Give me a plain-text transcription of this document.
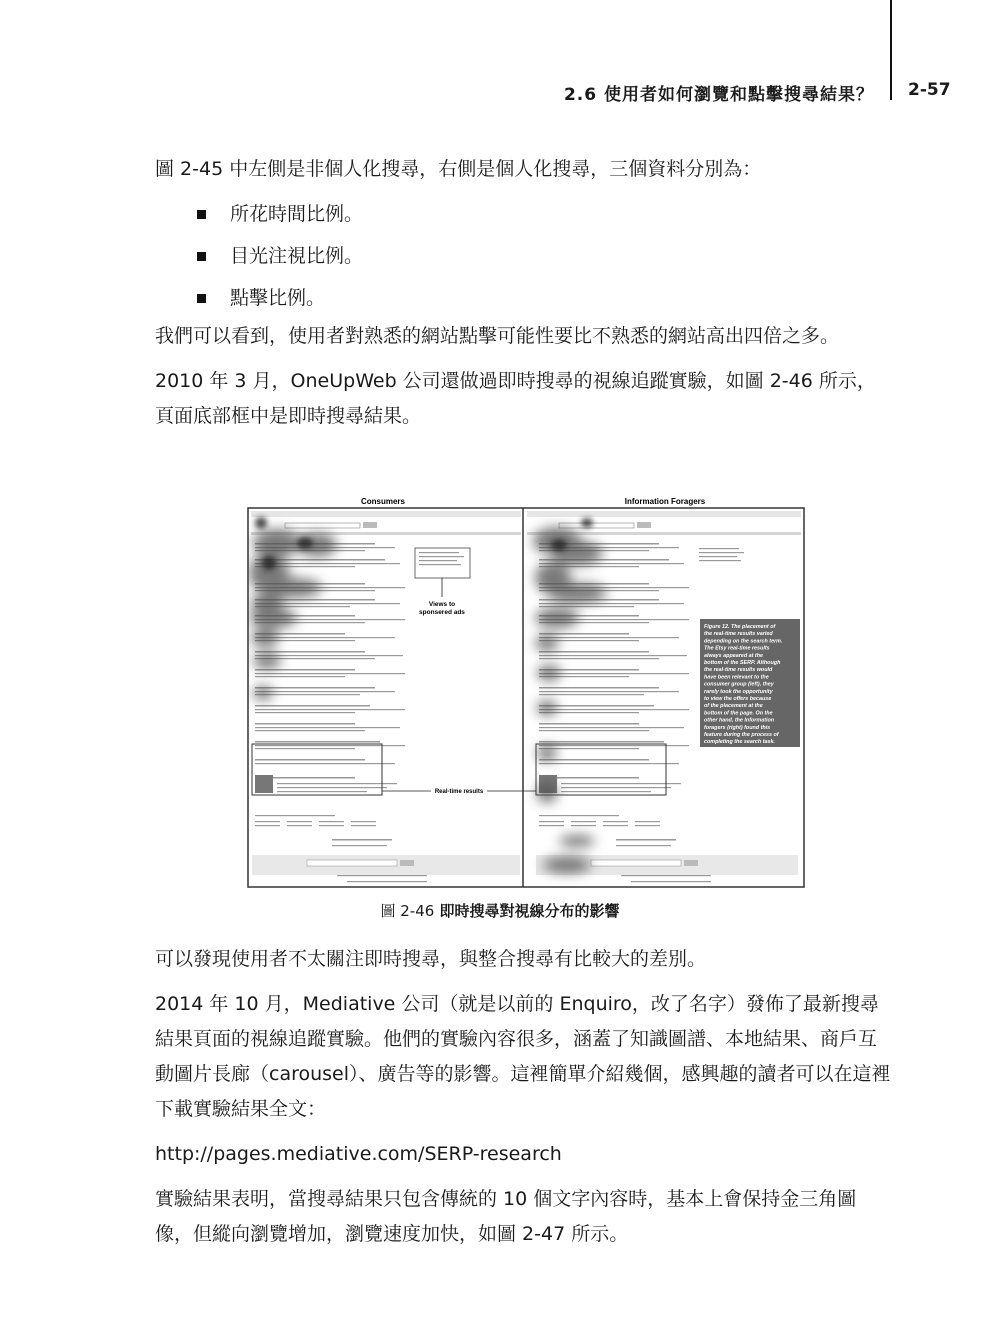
2.6 使用者如何瀏覽和點擊搜尋結果？ 2-57

圖 2-45 中左側是非個人化搜尋，右側是個人化搜尋，三個資料分別為：

所花時間比例。
目光注視比例。
點擊比例。

我們可以看到，使用者對熟悉的網站點擊可能性要比不熟悉的網站高出四倍之多。

2010 年 3 月，OneUpWeb 公司還做過即時搜尋的視線追蹤實驗，如圖 2-46 所示，頁面底部框中是即時搜尋結果。

Consumers	Information Foragers
Views to
sponsered ads
Real-time results
Figure 12. The placement of
the real-time results varied
depending on the search term.
The Etsy real-time results
always appeared at the
bottom of the SERP. Although
the real-time results would
have been relevant to the
consumer group (left), they
rarely took the opportunity
to view the offers because
of the placement at the
bottom of the page. On the
other hand, the Information
foragers (right) found this
feature during the process of
completing the search task.
圖 2-46 即時搜尋對視線分布的影響

可以發現使用者不太關注即時搜尋，與整合搜尋有比較大的差別。

2014 年 10 月，Mediative 公司（就是以前的 Enquiro，改了名字）發佈了最新搜尋結果頁面的視線追蹤實驗。他們的實驗內容很多，涵蓋了知識圖譜、本地結果、商戶互動圖片長廊（carousel）、廣告等的影響。這裡簡單介紹幾個，感興趣的讀者可以在這裡下載實驗結果全文：

http://pages.mediative.com/SERP-research

實驗結果表明，當搜尋結果只包含傳統的 10 個文字內容時，基本上會保持金三角圖像，但縱向瀏覽增加，瀏覽速度加快，如圖 2-47 所示。
